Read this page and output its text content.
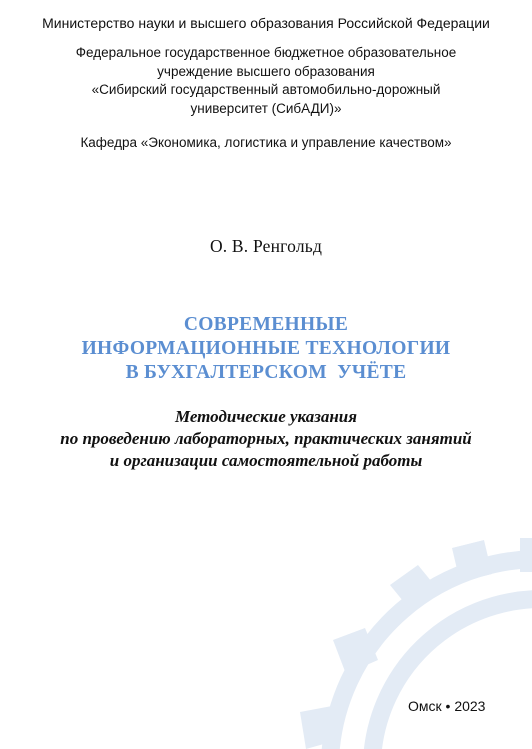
Министерство науки и высшего образования Российской Федерации
Федеральное государственное бюджетное образовательное
учреждение высшего образования
«Сибирский государственный автомобильно-дорожный
университет (СибАДИ)»
Кафедра «Экономика, логистика и управление качеством»
О. В. Ренгольд
СОВРЕМЕННЫЕ
ИНФОРМАЦИОННЫЕ ТЕХНОЛОГИИ
В БУХГАЛТЕРСКОМ  УЧЁТЕ
Методические указания
по проведению лабораторных, практических занятий
и организации самостоятельной работы
Омск • 2023
